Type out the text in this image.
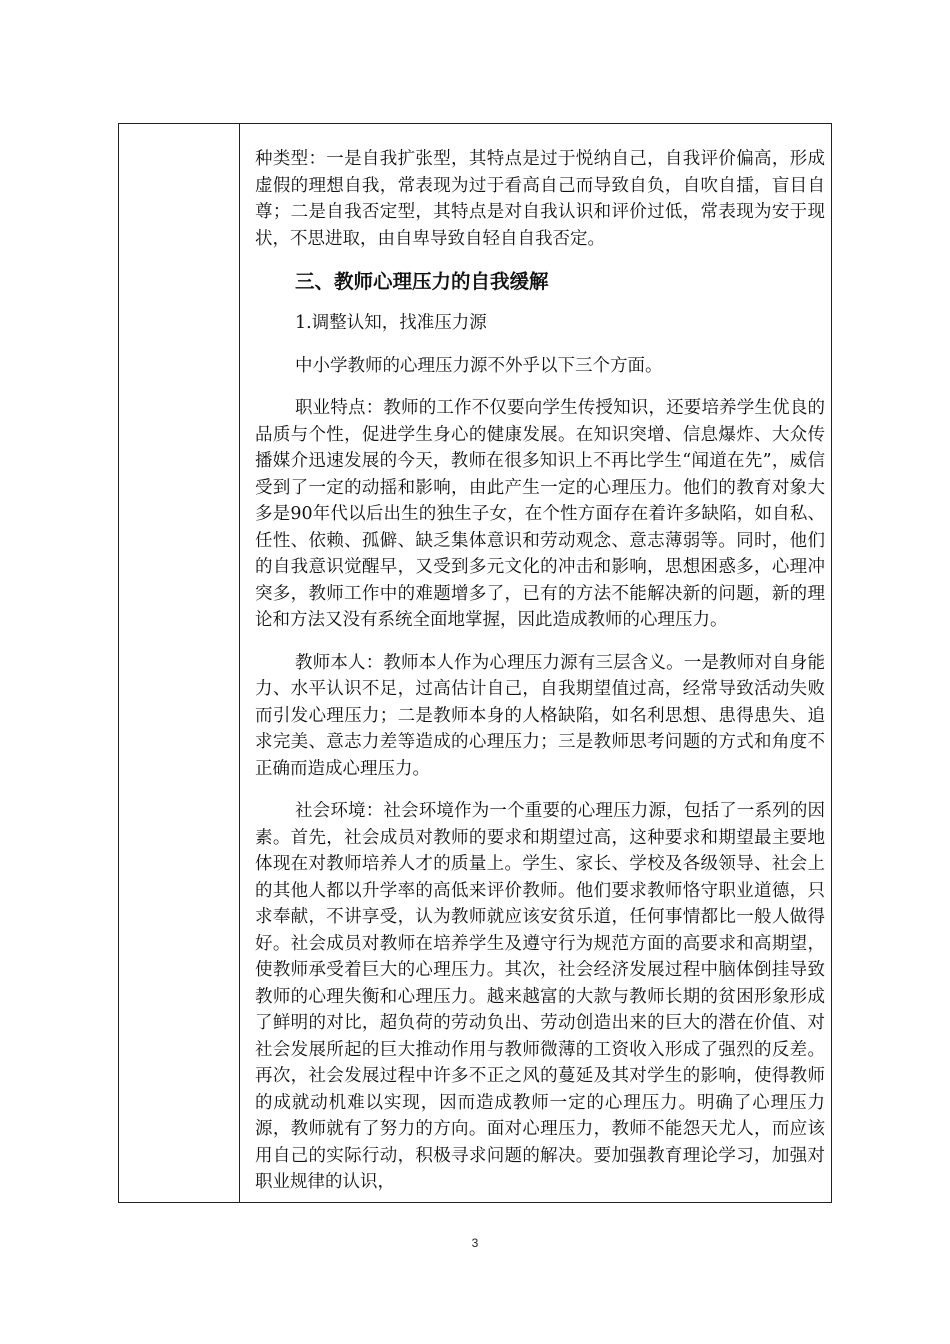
种类型：一是自我扩张型，其特点是过于悦纳自己，自我评价偏高，形成虚假的理想自我，常表现为过于看高自己而导致自负，自吹自擂，盲目自尊；二是自我否定型，其特点是对自我认识和评价过低，常表现为安于现状，不思进取，由自卑导致自轻自自我否定。

三、教师心理压力的自我缓解

1.调整认知，找准压力源

中小学教师的心理压力源不外乎以下三个方面。

职业特点：教师的工作不仅要向学生传授知识，还要培养学生优良的品质与个性，促进学生身心的健康发展。在知识突增、信息爆炸、大众传播媒介迅速发展的今天，教师在很多知识上不再比学生“闻道在先”，威信受到了一定的动摇和影响，由此产生一定的心理压力。他们的教育对象大多是90年代以后出生的独生子女，在个性方面存在着许多缺陷，如自私、任性、依赖、孤僻、缺乏集体意识和劳动观念、意志薄弱等。同时，他们的自我意识觉醒早，又受到多元文化的冲击和影响，思想困惑多，心理冲突多，教师工作中的难题增多了，已有的方法不能解决新的问题，新的理论和方法又没有系统全面地掌握，因此造成教师的心理压力。

教师本人：教师本人作为心理压力源有三层含义。一是教师对自身能力、水平认识不足，过高估计自己，自我期望值过高，经常导致活动失败而引发心理压力；二是教师本身的人格缺陷，如名利思想、患得患失、追求完美、意志力差等造成的心理压力；三是教师思考问题的方式和角度不正确而造成心理压力。

社会环境：社会环境作为一个重要的心理压力源，包括了一系列的因素。首先，社会成员对教师的要求和期望过高，这种要求和期望最主要地体现在对教师培养人才的质量上。学生、家长、学校及各级领导、社会上的其他人都以升学率的高低来评价教师。他们要求教师恪守职业道德，只求奉献，不讲享受，认为教师就应该安贫乐道，任何事情都比一般人做得好。社会成员对教师在培养学生及遵守行为规范方面的高要求和高期望，使教师承受着巨大的心理压力。其次，社会经济发展过程中脑体倒挂导致教师的心理失衡和心理压力。越来越富的大款与教师长期的贫困形象形成了鲜明的对比，超负荷的劳动负出、劳动创造出来的巨大的潜在价值、对社会发展所起的巨大推动作用与教师微薄的工资收入形成了强烈的反差。再次，社会发展过程中许多不正之风的蔓延及其对学生的影响，使得教师的成就动机难以实现，因而造成教师一定的心理压力。明确了心理压力源，教师就有了努力的方向。面对心理压力，教师不能怨天尤人，而应该用自己的实际行动，积极寻求问题的解决。要加强教育理论学习，加强对职业规律的认识，

3
